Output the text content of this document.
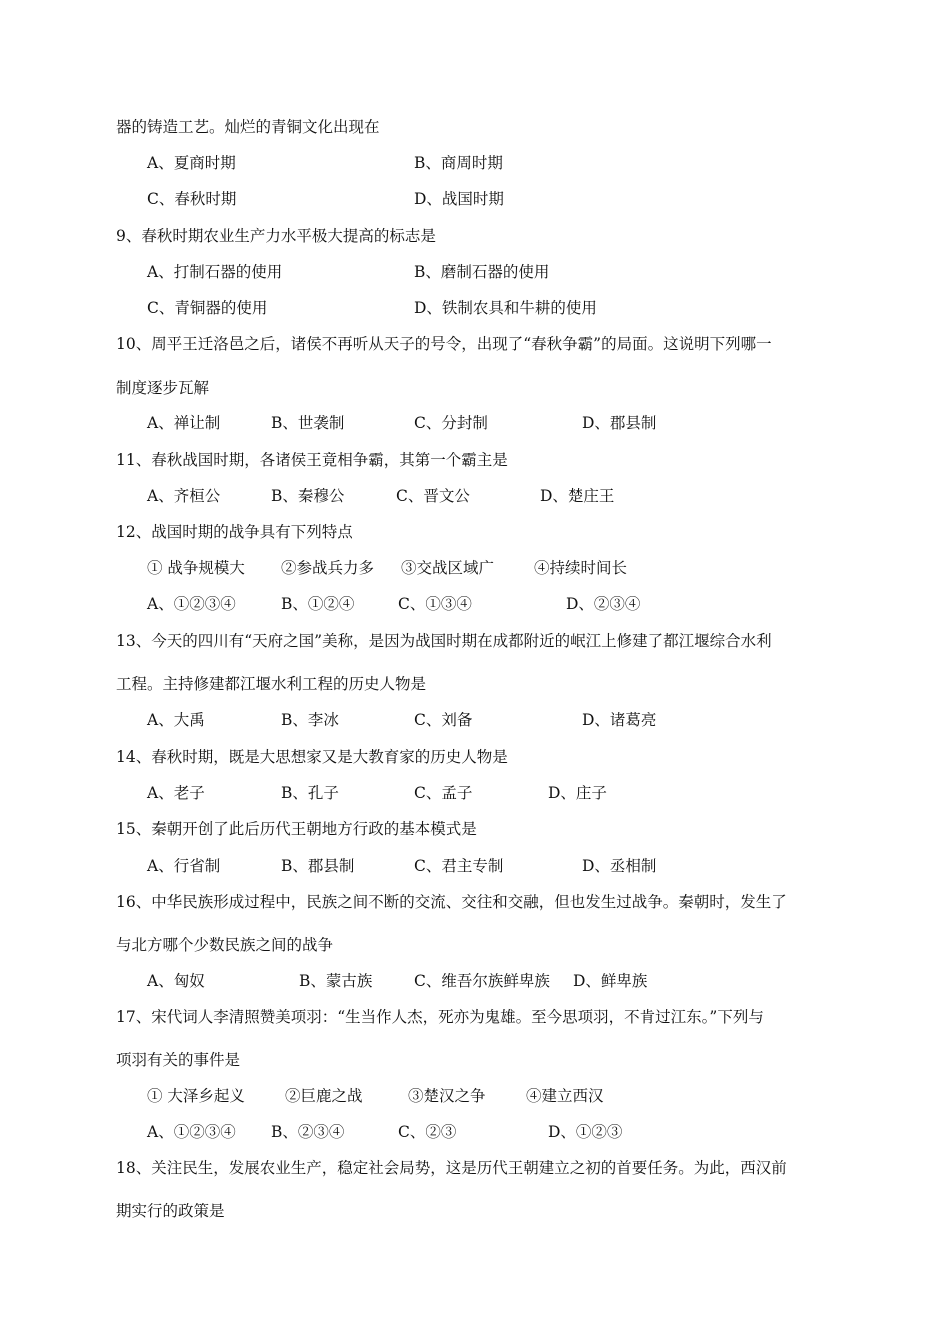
器的铸造工艺。灿烂的青铜文化出现在
A、夏商时期	B、商周时期
C、春秋时期	D、战国时期
9、春秋时期农业生产力水平极大提高的标志是
A、打制石器的使用	B、磨制石器的使用
C、青铜器的使用	D、铁制农具和牛耕的使用
10、周平王迁洛邑之后，诸侯不再听从天子的号令，出现了“春秋争霸”的局面。这说明下列哪一
制度逐步瓦解
A、禅让制	B、世袭制	C、分封制	D、郡县制
11、春秋战国时期，各诸侯王竟相争霸，其第一个霸主是
A、齐桓公	B、秦穆公	C、晋文公	D、楚庄王
12、战国时期的战争具有下列特点
① 战争规模大 ②参战兵力多 ③交战区域广	④持续时间长
A、①②③④	B、①②④	C、①③④	D、②③④
13、今天的四川有“天府之国”美称，是因为战国时期在成都附近的岷江上修建了都江堰综合水利
工程。主持修建都江堰水利工程的历史人物是
A、大禹	B、李冰	C、刘备	D、诸葛亮
14、春秋时期，既是大思想家又是大教育家的历史人物是
A、老子	B、孔子	C、孟子	D、庄子
15、秦朝开创了此后历代王朝地方行政的基本模式是
A、行省制	B、郡县制	C、君主专制	D、丞相制
16、中华民族形成过程中，民族之间不断的交流、交往和交融，但也发生过战争。秦朝时，发生了
与北方哪个少数民族之间的战争
A、匈奴	B、蒙古族	C、维吾尔族鲜卑族 D、鲜卑族
17、宋代词人李清照赞美项羽：“生当作人杰，死亦为鬼雄。至今思项羽，不肯过江东。”下列与
项羽有关的事件是
① 大泽乡起义	②巨鹿之战	③楚汉之争	④建立西汉
A、①②③④ B、②③④	C、②③	D、①②③
18、关注民生，发展农业生产，稳定社会局势，这是历代王朝建立之初的首要任务。为此，西汉前
期实行的政策是
